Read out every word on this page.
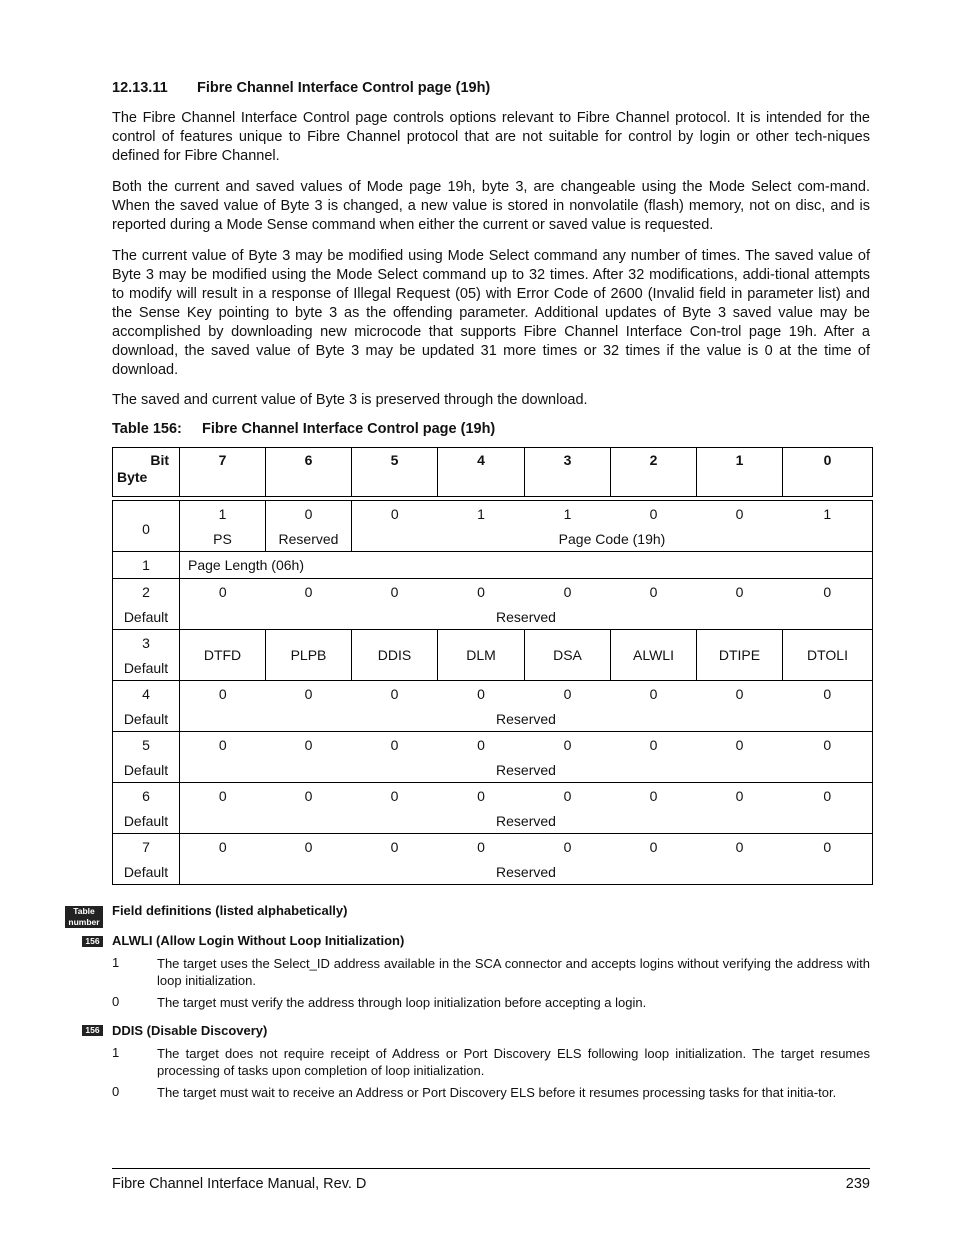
12.13.11 Fibre Channel Interface Control page (19h)

The Fibre Channel Interface Control page controls options relevant to Fibre Channel protocol. It is intended for the control of features unique to Fibre Channel protocol that are not suitable for control by login or other tech-niques defined for Fibre Channel.

Both the current and saved values of Mode page 19h, byte 3, are changeable using the Mode Select com-mand. When the saved value of Byte 3 is changed, a new value is stored in nonvolatile (flash) memory, not on disc, and is reported during a Mode Sense command when either the current or saved value is requested.

The current value of Byte 3 may be modified using Mode Select command any number of times. The saved value of Byte 3 may be modified using the Mode Select command up to 32 times. After 32 modifications, addi-tional attempts to modify will result in a response of Illegal Request (05) with Error Code of 2600 (Invalid field in parameter list) and the Sense Key pointing to byte 3 as the offending parameter. Additional updates of Byte 3 saved value may be accomplished by downloading new microcode that supports Fibre Channel Interface Con-trol page 19h. After a download, the saved value of Byte 3 may be updated 31 more times or 32 times if the value is 0 at the time of download.

The saved and current value of Byte 3 is preserved through the download.

Table 156: Fibre Channel Interface Control page (19h)
Bit
Byte	7	6	5	4	3	2	1	0

0	1	0	0	1	1	0	0	1
	PS	Reserved	Page Code (19h)					
1	Page Length (06h)							
2	0	0	0	0	0	0	0	0
Default	Reserved							
3	DTFD	PLPB	DDIS	DLM	DSA	ALWLI	DTIPE	DTOLI
Default								
4	0	0	0	0	0	0	0	0
Default	Reserved							
5	0	0	0	0	0	0	0	0
Default	Reserved							
6	0	0	0	0	0	0	0	0
Default	Reserved							
7	0	0	0	0	0	0	0	0
Default	Reserved							
Table
number
Field definitions (listed alphabetically)
156 ALWLI (Allow Login Without Loop Initialization)
1	The target uses the Select_ID address available in the SCA connector and accepts logins without verifying the address with loop initialization.

0	The target must verify the address through loop initialization before accepting a login.

156 DDIS (Disable Discovery)
1	The target does not require receipt of Address or Port Discovery ELS following loop initialization. The target resumes processing of tasks upon completion of loop initialization.

0	The target must wait to receive an Address or Port Discovery ELS before it resumes processing tasks for that initia-tor.

Fibre Channel Interface Manual, Rev. D	239
